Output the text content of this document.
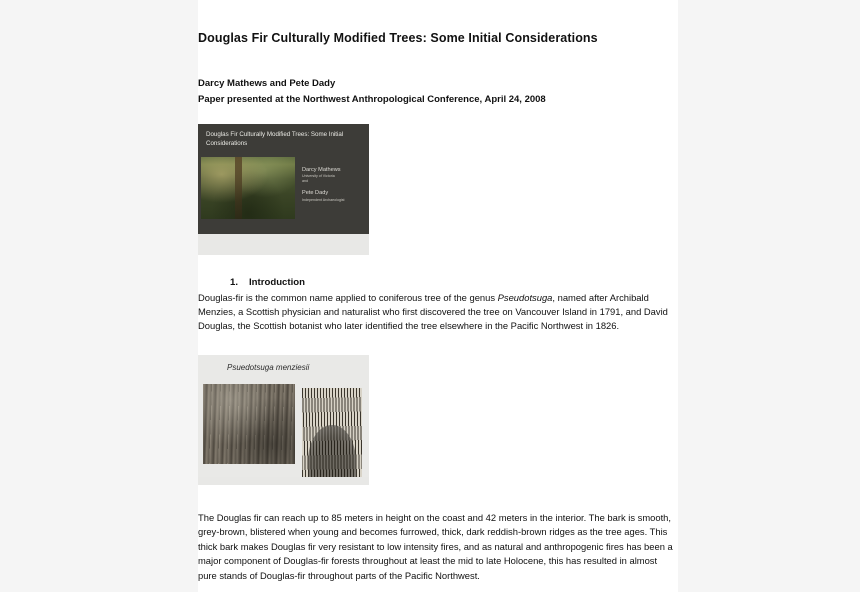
Douglas Fir Culturally Modified Trees: Some Initial Considerations
Darcy Mathews and Pete Dady
Paper presented at the Northwest Anthropological Conference, April 24, 2008
Douglas Fir Culturally Modified Trees: Some Initial Considerations
Darcy Mathews
University of Victoria
and
Pete Dady
Independent Archaeologist
1. Introduction

Douglas-fir is the common name applied to coniferous tree of the genus Pseudotsuga, named after Archibald Menzies, a Scottish physician and naturalist who first discovered the tree on Vancouver Island in 1791, and David Douglas, the Scottish botanist who later identified the tree elsewhere in the Pacific Northwest in 1826.

Psuedotsuga menziesii

The Douglas fir can reach up to 85 meters in height on the coast and 42 meters in the interior. The bark is smooth, grey-brown, blistered when young and becomes furrowed, thick, dark reddish-brown ridges as the tree ages. This thick bark makes Douglas fir very resistant to low intensity fires, and as natural and anthropogenic fires has been a major component of Douglas-fir forests throughout at least the mid to late Holocene, this has resulted in almost pure stands of Douglas-fir throughout parts of the Pacific Northwest.
